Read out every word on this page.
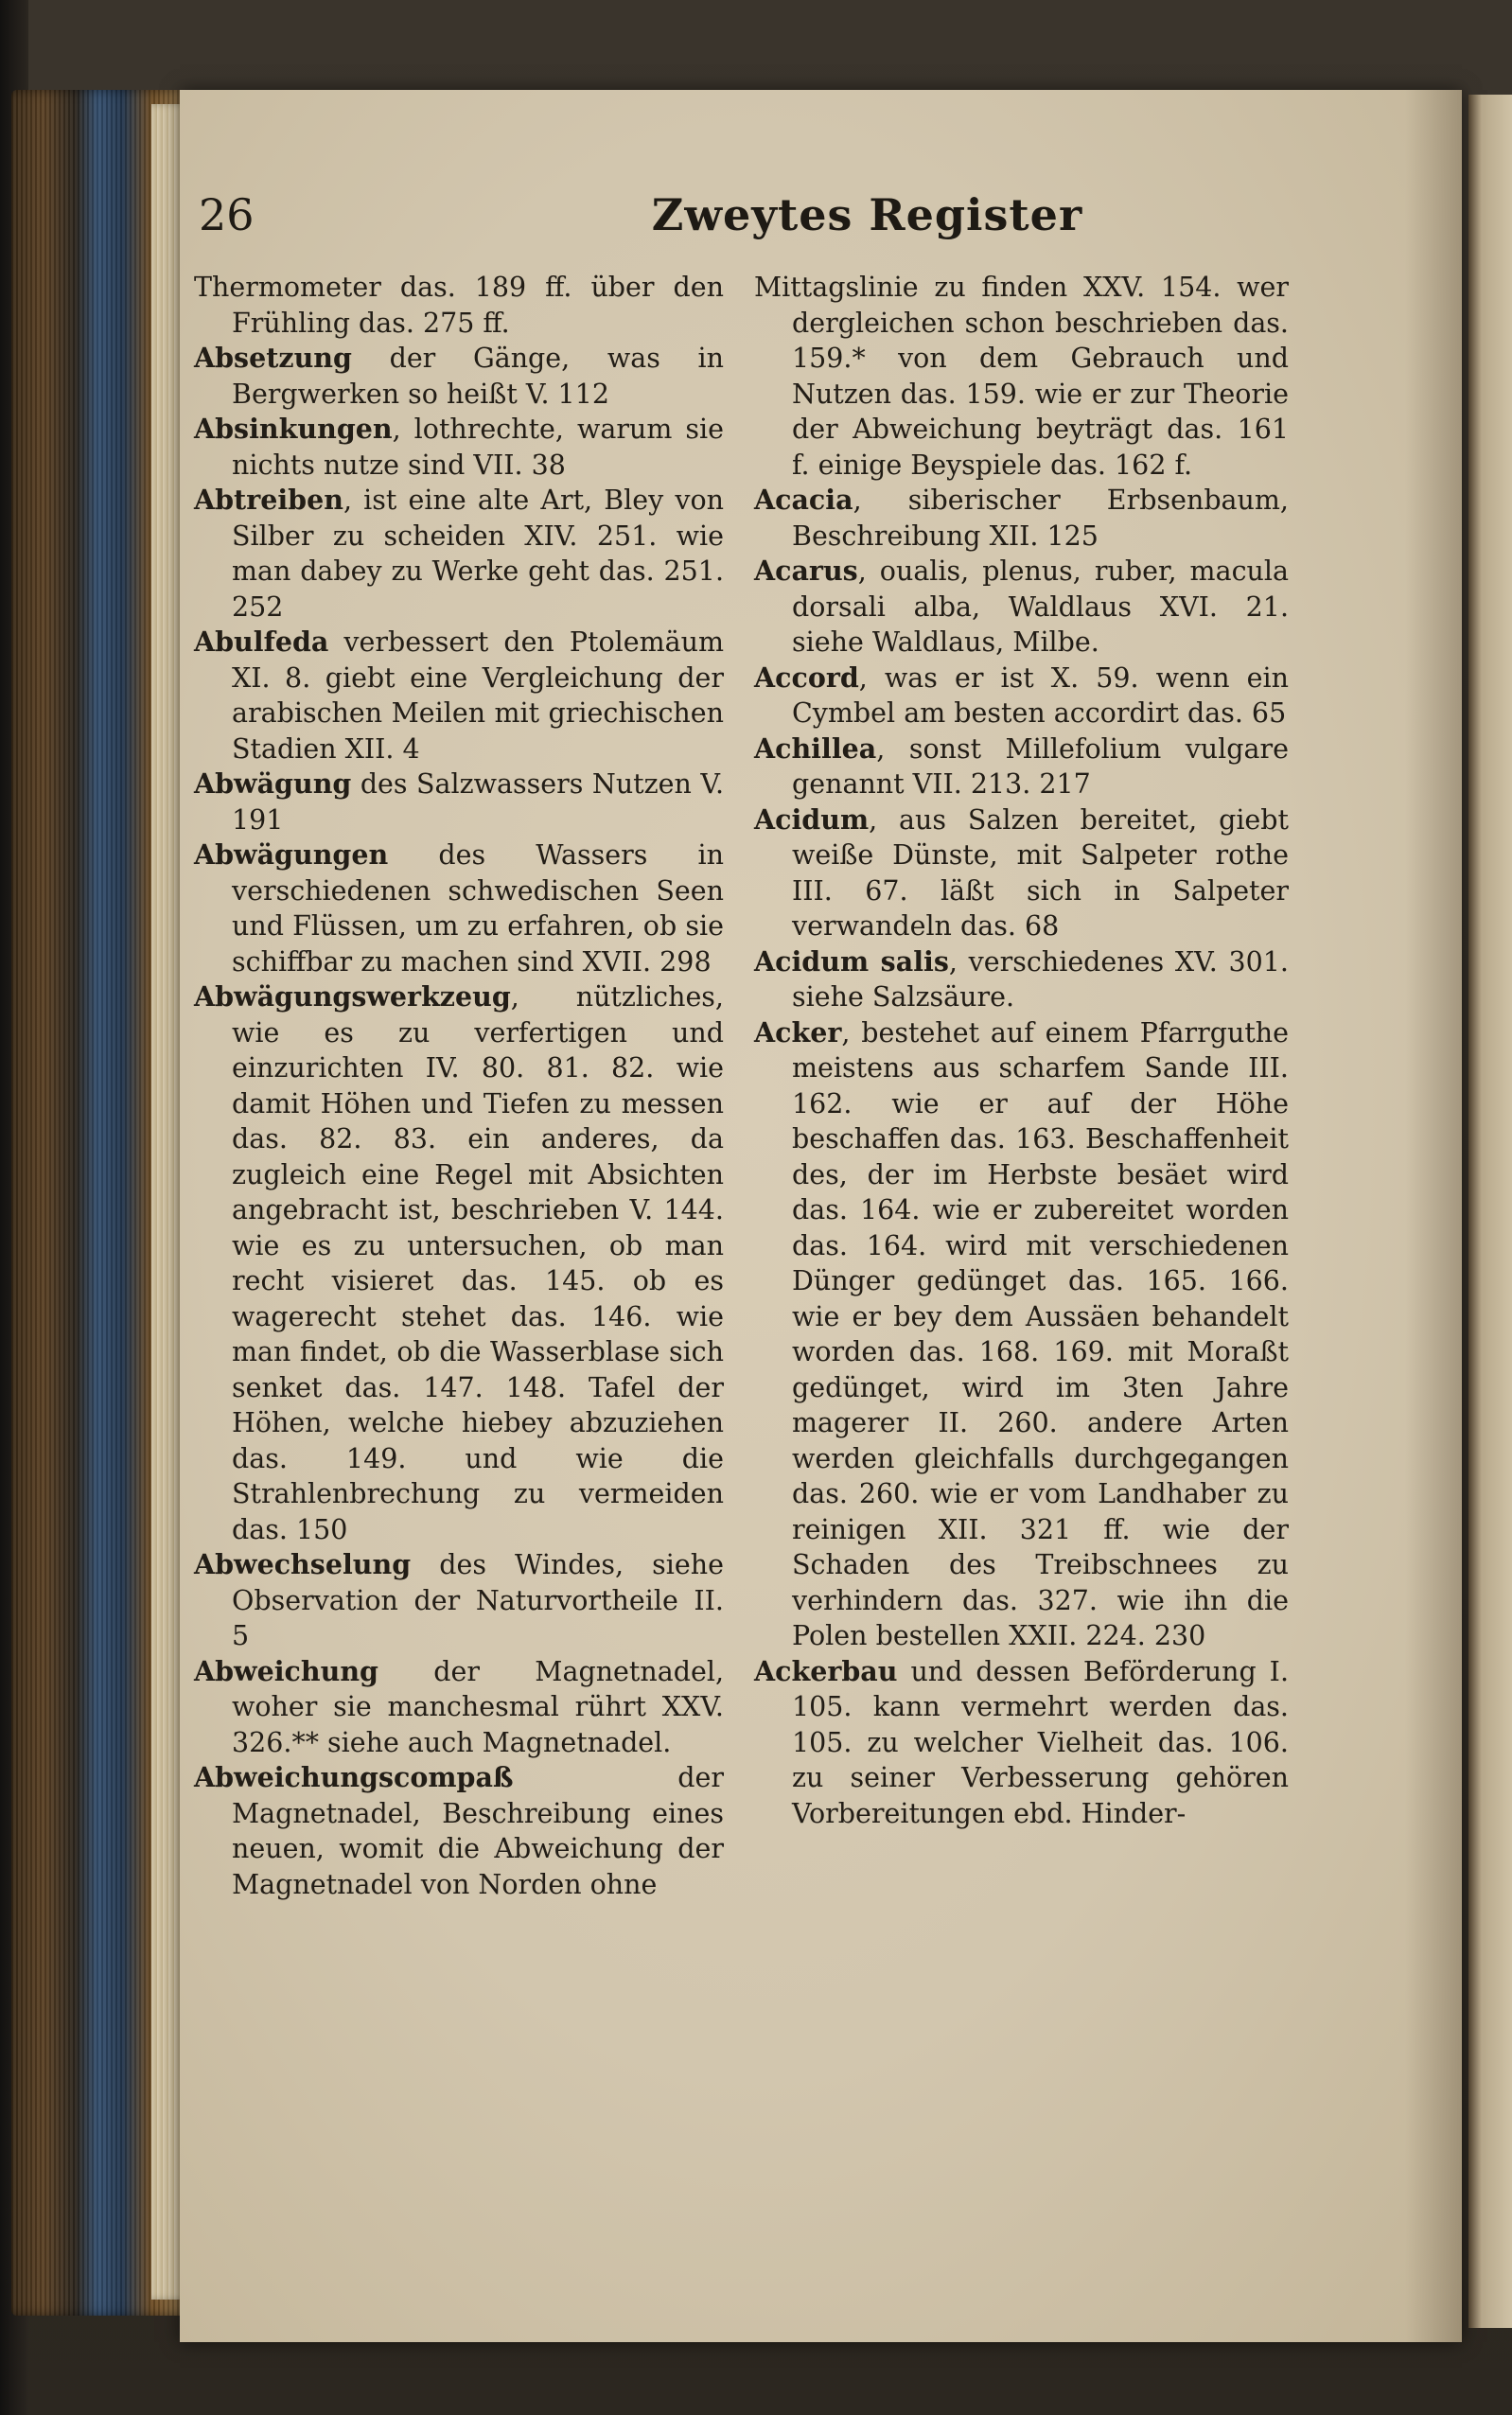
26	Zweytes Register

Thermometer das. 189 ff. über den Frühling das. 275 ff.

Absetzung der Gänge, was in Bergwerken so heißt V. 112

Absinkungen, lothrechte, warum sie nichts nutze sind VII. 38

Abtreiben, ist eine alte Art, Bley von Silber zu scheiden XIV. 251. wie man dabey zu Werke geht das. 251. 252

Abulfeda verbessert den Ptolemäum XI. 8. giebt eine Vergleichung der arabischen Meilen mit griechischen Stadien XII. 4

Abwägung des Salzwassers Nutzen V. 191

Abwägungen des Wassers in verschiedenen schwedischen Seen und Flüssen, um zu erfahren, ob sie schiffbar zu machen sind XVII. 298

Abwägungswerkzeug, nützliches, wie es zu verfertigen und einzurichten IV. 80. 81. 82. wie damit Höhen und Tiefen zu messen das. 82. 83. ein anderes, da zugleich eine Regel mit Absichten angebracht ist, beschrieben V. 144. wie es zu untersuchen, ob man recht visieret das. 145. ob es wagerecht stehet das. 146. wie man findet, ob die Wasserblase sich senket das. 147. 148. Tafel der Höhen, welche hiebey abzuziehen das. 149. und wie die Strahlenbrechung zu vermeiden das. 150

Abwechselung des Windes, siehe Observation der Naturvortheile II. 5

Abweichung der Magnetnadel, woher sie manchesmal rührt XXV. 326.** siehe auch Magnetnadel.

Abweichungscompaß der Magnetnadel, Beschreibung eines neuen, womit die Abweichung der Magnetnadel von Norden ohne

Mittagslinie zu finden XXV. 154. wer dergleichen schon beschrieben das. 159.* von dem Gebrauch und Nutzen das. 159. wie er zur Theorie der Abweichung beyträgt das. 161 f. einige Beyspiele das. 162 f.

Acacia, siberischer Erbsenbaum, Beschreibung XII. 125

Acarus, oualis, plenus, ruber, macula dorsali alba, Waldlaus XVI. 21. siehe Waldlaus, Milbe.

Accord, was er ist X. 59. wenn ein Cymbel am besten accordirt das. 65

Achillea, sonst Millefolium vulgare genannt VII. 213. 217

Acidum, aus Salzen bereitet, giebt weiße Dünste, mit Salpeter rothe III. 67. läßt sich in Salpeter verwandeln das. 68

Acidum salis, verschiedenes XV. 301. siehe Salzsäure.

Acker, bestehet auf einem Pfarrguthe meistens aus scharfem Sande III. 162. wie er auf der Höhe beschaffen das. 163. Beschaffenheit des, der im Herbste besäet wird das. 164. wie er zubereitet worden das. 164. wird mit verschiedenen Dünger gedünget das. 165. 166. wie er bey dem Aussäen behandelt worden das. 168. 169. mit Moraßt gedünget, wird im 3ten Jahre magerer II. 260. andere Arten werden gleichfalls durchgegangen das. 260. wie er vom Landhaber zu reinigen XII. 321 ff. wie der Schaden des Treibschnees zu verhindern das. 327. wie ihn die Polen bestellen XXII. 224. 230

Ackerbau und dessen Beförderung I. 105. kann vermehrt werden das. 105. zu welcher Vielheit das. 106. zu seiner Verbesserung gehören Vorbereitungen ebd. Hinder-
